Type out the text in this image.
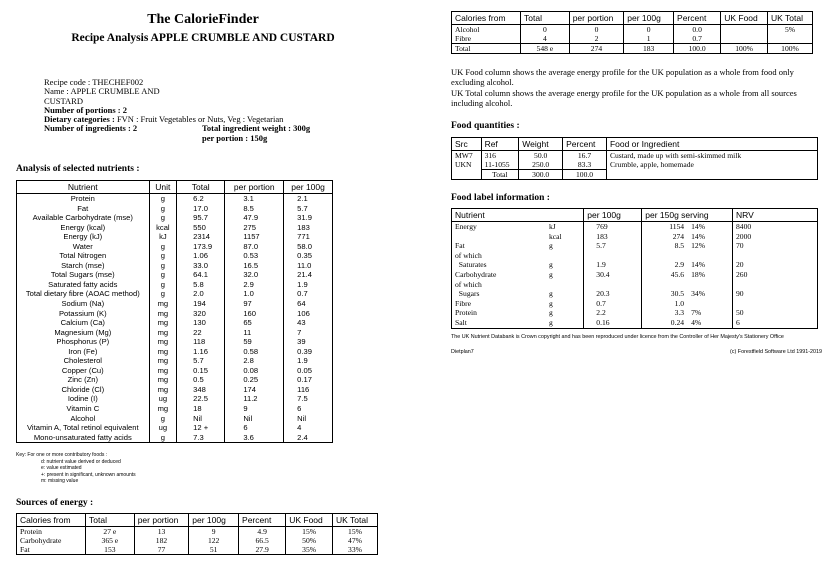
The CalorieFinder
Recipe Analysis APPLE CRUMBLE AND CUSTARD
Recipe code : THECHEF002
Name : APPLE CRUMBLE AND
CUSTARD
Number of portions : 2
Dietary categories : FVN : Fruit Vegetables or Nuts, Veg : Vegetarian
Number of ingredients : 2	Total ingredient weight : 300g
per portion : 150g
Analysis of selected nutrients :
Nutrient	Unit	Total	per portion	per 100g
Protein	g	6.2	3.1	2.1
Fat	g	17.0	8.5	5.7
Available Carbohydrate (mse)	g	95.7	47.9	31.9
Energy (kcal)	kcal	550	275	183
Energy (kJ)	kJ	2314	1157	771
Water	g	173.9	87.0	58.0
Total Nitrogen	g	1.06	0.53	0.35
Starch (mse)	g	33.0	16.5	11.0
Total Sugars (mse)	g	64.1	32.0	21.4
Saturated fatty acids	g	5.8	2.9	1.9
Total dietary fibre (AOAC method)	g	2.0	1.0	0.7
Sodium (Na)	mg	194	97	64
Potassium (K)	mg	320	160	106
Calcium (Ca)	mg	130	65	43
Magnesium (Mg)	mg	22	11	7
Phosphorus (P)	mg	118	59	39
Iron (Fe)	mg	1.16	0.58	0.39
Cholesterol	mg	5.7	2.8	1.9
Copper (Cu)	mg	0.15	0.08	0.05
Zinc (Zn)	mg	0.5	0.25	0.17
Chloride (Cl)	mg	348	174	116
Iodine (I)	ug	22.5	11.2	7.5
Vitamin C	mg	18	9	6
Alcohol	g	Nil	Nil	Nil
Vitamin A, Total retinol equivalent	ug	12 +	6	4
Mono-unsaturated fatty acids	g	7.3	3.6	2.4
Key: For one or more contributory foods :
d: nutrient value derived or deduced
e: value estimated
+: present in significant, unknown amounts
m: missing value
Sources of energy :
Calories from	Total	per portion	per 100g	Percent	UK Food	UK Total
Protein	27 e	13	9	4.9	15%	15%
Carbohydrate	365 e	182	122	66.5	50%	47%
Fat	153	77	51	27.9	35%	33%
Calories from	Total	per portion	per 100g	Percent	UK Food	UK Total
Alcohol	0	0	0	0.0		5%
Fibre	4	2	1	0.7		
Total	548 e	274	183	100.0	100%	100%
UK Food column shows the average energy profile for the UK population as a whole from food only excluding alcohol.
UK Total column shows the average energy profile for the UK population as a whole from all sources including alcohol.
Food quantities :
Src	Ref	Weight	Percent	Food or Ingredient
MW7	316	50.0	16.7	Custard, made up with semi-skimmed milk
UKN	11-1055	250.0	83.3	Crumble, apple, homemade
	Total	300.0	100.0	
Food label information :
Nutrient		per 100g	per 150g serving		NRV
Energy	kJ	769	1154	14%	8400
	kcal	183	274	14%	2000
Fat	g	5.7	8.5	12%	70
of which					
Saturates	g	1.9	2.9	14%	20
Carbohydrate	g	30.4	45.6	18%	260
of which					
Sugars	g	20.3	30.5	34%	90
Fibre	g	0.7	1.0		
Protein	g	2.2	3.3	7%	50
Salt	g	0.16	0.24	4%	6
The UK Nutrient Databank is Crown copyright and has been reproduced under licence from the Controller of Her Majesty's Stationery Office
Dietplan7	(c) Forestfield Software Ltd 1991-2019
